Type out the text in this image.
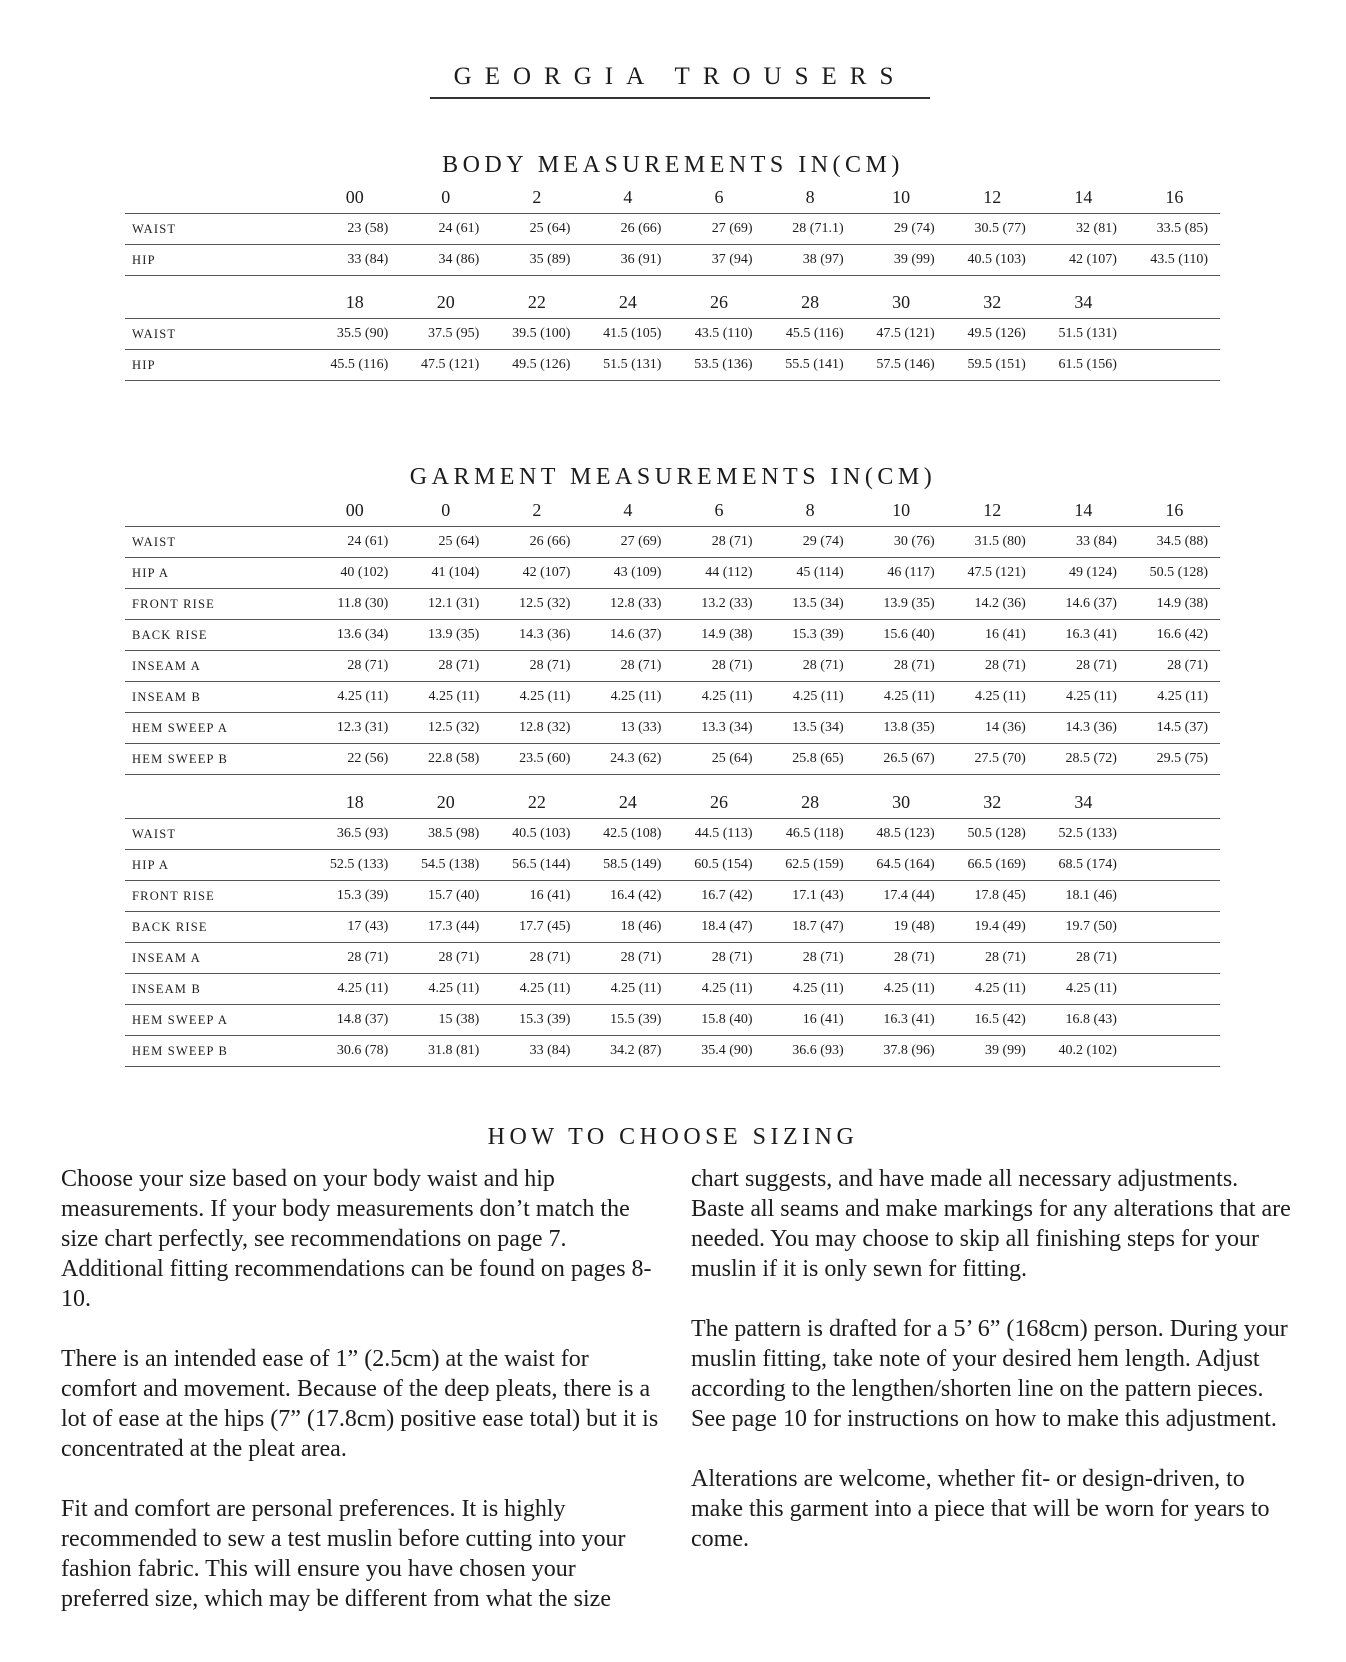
GEORGIA TROUSERS
BODY MEASUREMENTS IN(CM)
	00	0	2	4	6	8	10	12	14	16
WAIST	23 (58)	24 (61)	25 (64)	26 (66)	27 (69)	28 (71.1)	29 (74)	30.5 (77)	32 (81)	33.5 (85)
HIP	33 (84)	34 (86)	35 (89)	36 (91)	37 (94)	38 (97)	39 (99)	40.5 (103)	42 (107)	43.5 (110)
	18	20	22	24	26	28	30	32	34	
WAIST	35.5 (90)	37.5 (95)	39.5 (100)	41.5 (105)	43.5 (110)	45.5 (116)	47.5 (121)	49.5 (126)	51.5 (131)	
HIP	45.5 (116)	47.5 (121)	49.5 (126)	51.5 (131)	53.5 (136)	55.5 (141)	57.5 (146)	59.5 (151)	61.5 (156)	
GARMENT MEASUREMENTS IN(CM)
	00	0	2	4	6	8	10	12	14	16
WAIST	24 (61)	25 (64)	26 (66)	27 (69)	28 (71)	29 (74)	30 (76)	31.5 (80)	33 (84)	34.5 (88)
HIP A	40 (102)	41 (104)	42 (107)	43 (109)	44 (112)	45 (114)	46 (117)	47.5 (121)	49 (124)	50.5 (128)
FRONT RISE	11.8 (30)	12.1 (31)	12.5 (32)	12.8 (33)	13.2 (33)	13.5 (34)	13.9 (35)	14.2 (36)	14.6 (37)	14.9 (38)
BACK RISE	13.6 (34)	13.9 (35)	14.3 (36)	14.6 (37)	14.9 (38)	15.3 (39)	15.6 (40)	16 (41)	16.3 (41)	16.6 (42)
INSEAM A	28 (71)	28 (71)	28 (71)	28 (71)	28 (71)	28 (71)	28 (71)	28 (71)	28 (71)	28 (71)
INSEAM B	4.25 (11)	4.25 (11)	4.25 (11)	4.25 (11)	4.25 (11)	4.25 (11)	4.25 (11)	4.25 (11)	4.25 (11)	4.25 (11)
HEM SWEEP A	12.3 (31)	12.5 (32)	12.8 (32)	13 (33)	13.3 (34)	13.5 (34)	13.8 (35)	14 (36)	14.3 (36)	14.5 (37)
HEM SWEEP B	22 (56)	22.8 (58)	23.5 (60)	24.3 (62)	25 (64)	25.8 (65)	26.5 (67)	27.5 (70)	28.5 (72)	29.5 (75)
	18	20	22	24	26	28	30	32	34	
WAIST	36.5 (93)	38.5 (98)	40.5 (103)	42.5 (108)	44.5 (113)	46.5 (118)	48.5 (123)	50.5 (128)	52.5 (133)	
HIP A	52.5 (133)	54.5 (138)	56.5 (144)	58.5 (149)	60.5 (154)	62.5 (159)	64.5 (164)	66.5 (169)	68.5 (174)	
FRONT RISE	15.3 (39)	15.7 (40)	16 (41)	16.4 (42)	16.7 (42)	17.1 (43)	17.4 (44)	17.8 (45)	18.1 (46)	
BACK RISE	17 (43)	17.3 (44)	17.7 (45)	18 (46)	18.4 (47)	18.7 (47)	19 (48)	19.4 (49)	19.7 (50)	
INSEAM A	28 (71)	28 (71)	28 (71)	28 (71)	28 (71)	28 (71)	28 (71)	28 (71)	28 (71)	
INSEAM B	4.25 (11)	4.25 (11)	4.25 (11)	4.25 (11)	4.25 (11)	4.25 (11)	4.25 (11)	4.25 (11)	4.25 (11)	
HEM SWEEP A	14.8 (37)	15 (38)	15.3 (39)	15.5 (39)	15.8 (40)	16 (41)	16.3 (41)	16.5 (42)	16.8 (43)	
HEM SWEEP B	30.6 (78)	31.8 (81)	33 (84)	34.2 (87)	35.4 (90)	36.6 (93)	37.8 (96)	39 (99)	40.2 (102)	
HOW TO CHOOSE SIZING

Choose your size based on your body waist and hip measurements. If your body measurements don’t match the size chart perfectly, see recommendations on page 7. Additional fitting recommendations can be found on pages 8-10.

There is an intended ease of 1” (2.5cm) at the waist for comfort and movement. Because of the deep pleats, there is a lot of ease at the hips (7” (17.8cm) positive ease total) but it is concentrated at the pleat area.

Fit and comfort are personal preferences. It is highly recommended to sew a test muslin before cutting into your fashion fabric. This will ensure you have chosen your preferred size, which may be different from what the size

chart suggests, and have made all necessary adjustments. Baste all seams and make markings for any alterations that are needed. You may choose to skip all finishing steps for your muslin if it is only sewn for fitting.

The pattern is drafted for a 5’ 6” (168cm) person. During your muslin fitting, take note of your desired hem length. Adjust according to the lengthen/shorten line on the pattern pieces. See page 10 for instructions on how to make this adjustment.

Alterations are welcome, whether fit- or design-driven, to make this garment into a piece that will be worn for years to come.
